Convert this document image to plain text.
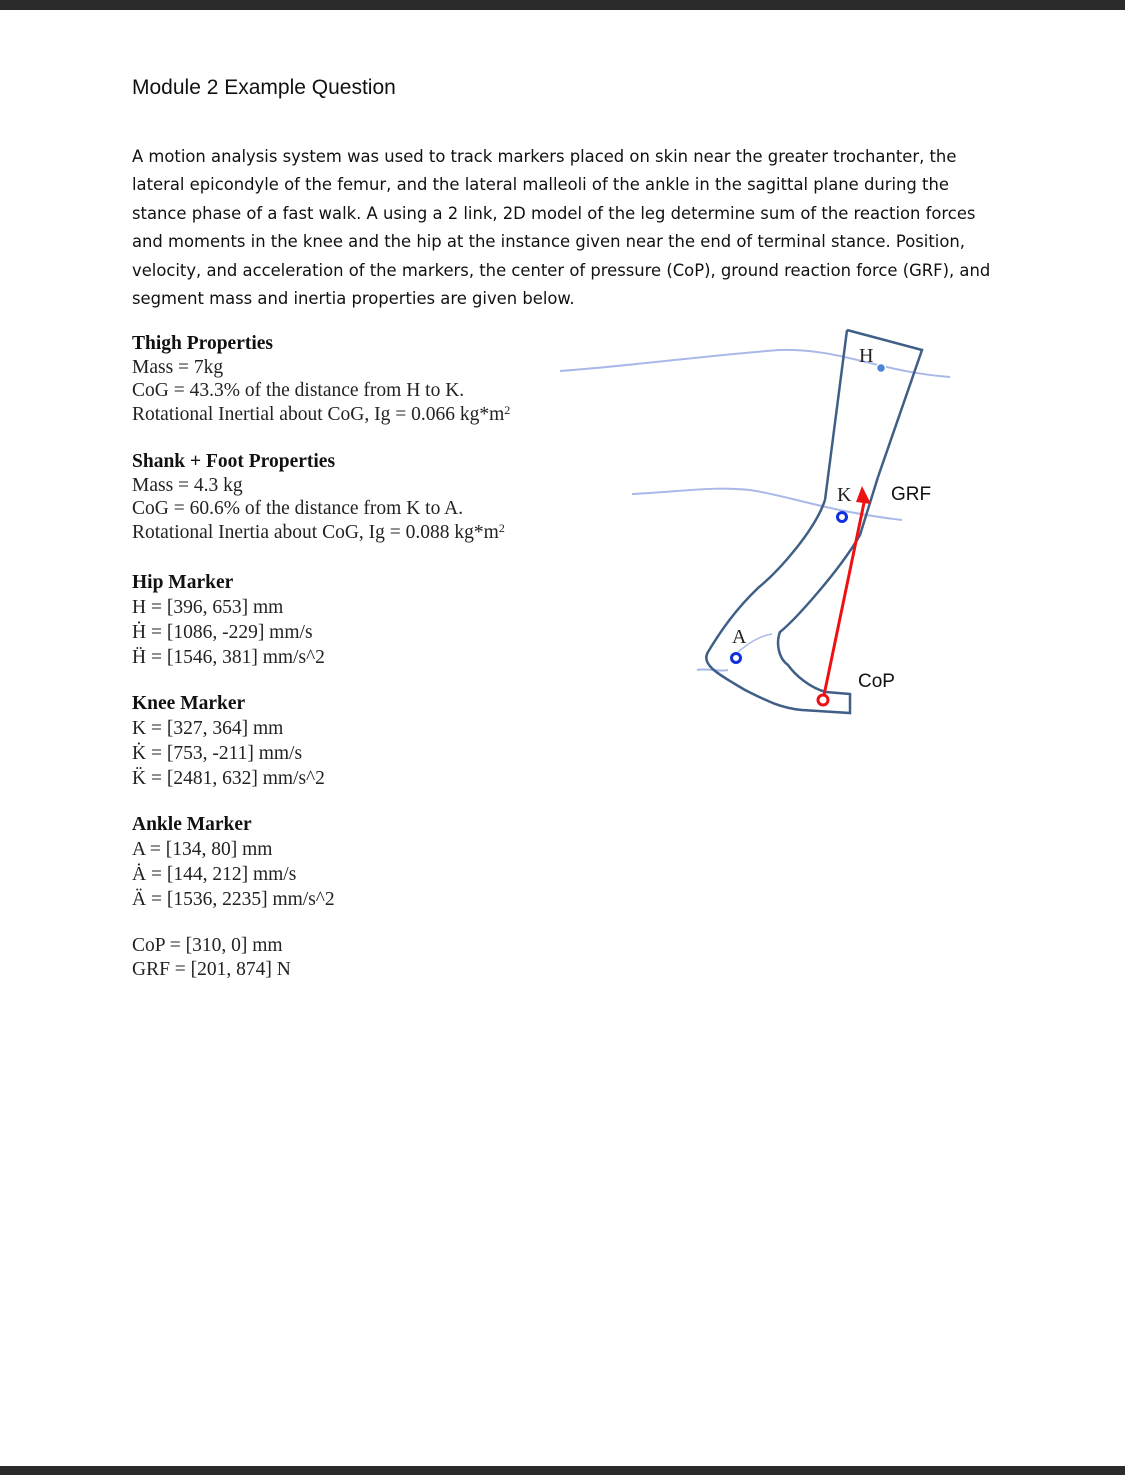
Module 2 Example Question
A motion analysis system was used to track markers placed on skin near the greater trochanter, the
lateral epicondyle of the femur, and the lateral malleoli of the ankle in the sagittal plane during the
stance phase of a fast walk. A using a 2 link, 2D model of the leg determine sum of the reaction forces
and moments in the knee and the hip at the instance given near the end of terminal stance. Position,
velocity, and acceleration of the markers, the center of pressure (CoP), ground reaction force (GRF), and
segment mass and inertia properties are given below.
Thigh Properties
Mass = 7kg
CoG = 43.3% of the distance from H to K.
Rotational Inertial about CoG, Ig = 0.066 $kg*m^2$
Shank + Foot Properties
Mass = 4.3 kg
CoG = 60.6% of the distance from K to A.
Rotational Inertia about CoG, Ig = 0.088 $kg*m^2$
Hip Marker
H = [396, 653] mm
Ḣ = [1086, -229] mm/s
Ḧ = [1546, 381] mm/s^2
Knee Marker
K = [327, 364] mm
K̇ = [753, -211] mm/s
K̈ = [2481, 632] mm/s^2
Ankle Marker
A = [134, 80] mm
Ȧ = [144, 212] mm/s
Ä = [1536, 2235] mm/s^2
CoP = [310, 0] mm
GRF = [201, 874] N
H
K
A
GRF
CoP
